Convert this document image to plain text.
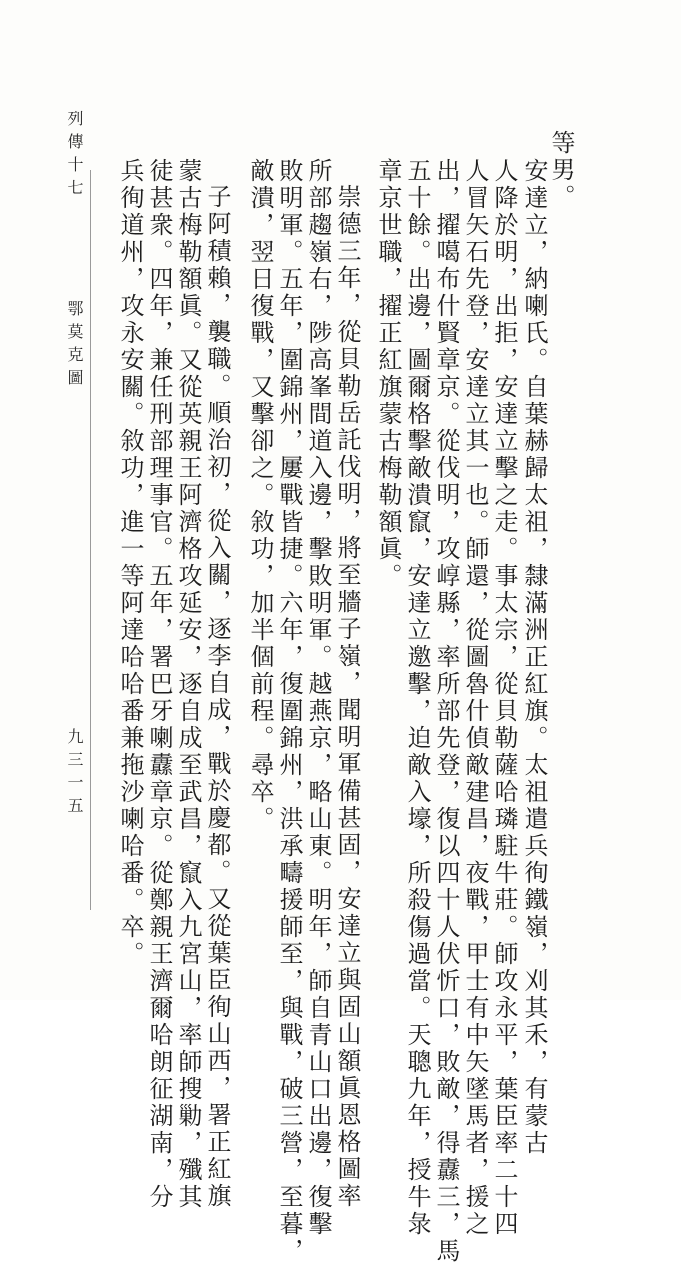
列傳十七
鄂莫克圖
九三一五
等男。
安達立，納喇氏。自葉赫歸太祖，隸滿洲正紅旗。太祖遣兵徇鐵嶺，刈其禾，有蒙古
人降於明，出拒，安達立擊之走。事太宗，從貝勒薩哈璘駐牛莊。師攻永平，葉臣率二十四
人冒矢石先登，安達立其一也。師還，從圖魯什偵敵建昌，夜戰，甲士有中矢墜馬者，援之
出，擢噶布什賢章京。從伐明，攻崞縣，率所部先登，復以四十人伏忻口，敗敵，得纛三，馬
五十餘。出邊，圖爾格擊敵潰竄，安達立邀擊，迫敵入壕，所殺傷過當。天聰九年，授牛彔
章京世職，擢正紅旗蒙古梅勒額眞。
崇德三年，從貝勒岳託伐明，將至牆子嶺，聞明軍備甚固，安達立與固山額眞恩格圖率
所部趨嶺右，陟高峯間道入邊，擊敗明軍。越燕京，略山東。明年，師自青山口出邊，復擊
敗明軍。五年，圍錦州，屢戰皆捷。六年，復圍錦州，洪承疇援師至，與戰，破三營，至暮，
敵潰，翌日復戰，又擊卻之。敘功，加半個前程。尋卒。
子阿積賴，襲職。順治初，從入關，逐李自成，戰於慶都。又從葉臣徇山西，署正紅旗
蒙古梅勒額眞。又從英親王阿濟格攻延安，逐自成至武昌，竄入九宮山，率師搜勦，殲其
徒甚衆。四年，兼任刑部理事官。五年，署巴牙喇纛章京。從鄭親王濟爾哈朗征湖南，分
兵徇道州，攻永安關。敘功，進一等阿達哈哈番兼拖沙喇哈番。卒。
